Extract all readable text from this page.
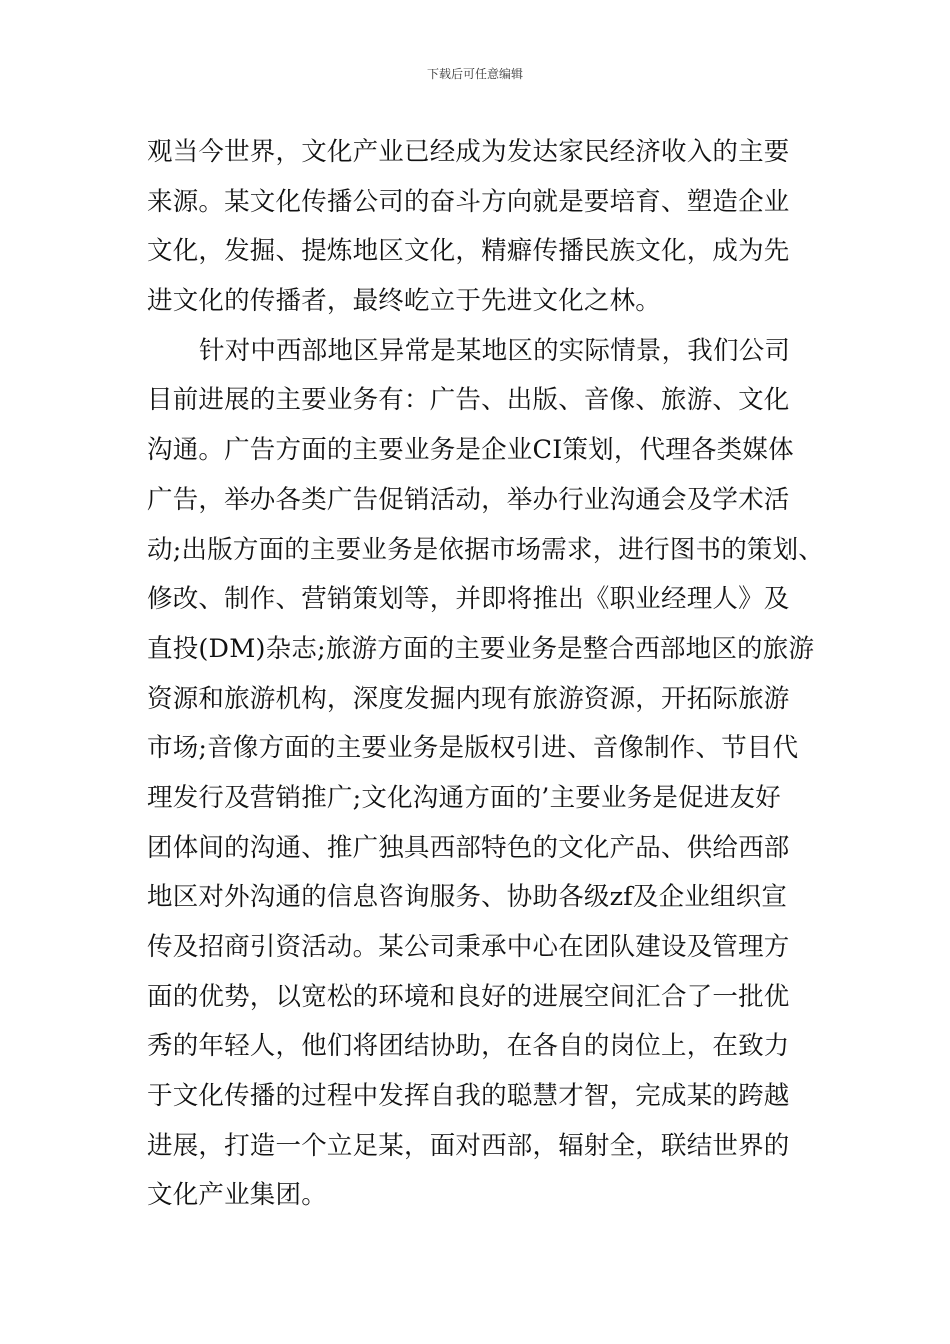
下载后可任意编辑
观当今世界，文化产业已经成为发达家民经济收入的主要
来源。某文化传播公司的奋斗方向就是要培育、塑造企业
文化，发掘、提炼地区文化，精癖传播民族文化，成为先
进文化的传播者，最终屹立于先进文化之林。
针对中西部地区异常是某地区的实际情景，我们公司
目前进展的主要业务有：广告、出版、音像、旅游、文化
沟通。广告方面的主要业务是企业CI策划，代理各类媒体
广告，举办各类广告促销活动，举办行业沟通会及学术活
动;出版方面的主要业务是依据市场需求，进行图书的策划、
修改、制作、营销策划等，并即将推出《职业经理人》及
直投(DM)杂志;旅游方面的主要业务是整合西部地区的旅游
资源和旅游机构，深度发掘内现有旅游资源，开拓际旅游
市场;音像方面的主要业务是版权引进、音像制作、节目代
理发行及营销推广;文化沟通方面的’主要业务是促进友好
团体间的沟通、推广独具西部特色的文化产品、供给西部
地区对外沟通的信息咨询服务、协助各级zf及企业组织宣
传及招商引资活动。某公司秉承中心在团队建设及管理方
面的优势，以宽松的环境和良好的进展空间汇合了一批优
秀的年轻人，他们将团结协助，在各自的岗位上，在致力
于文化传播的过程中发挥自我的聪慧才智，完成某的跨越
进展，打造一个立足某，面对西部，辐射全，联结世界的
文化产业集团。
